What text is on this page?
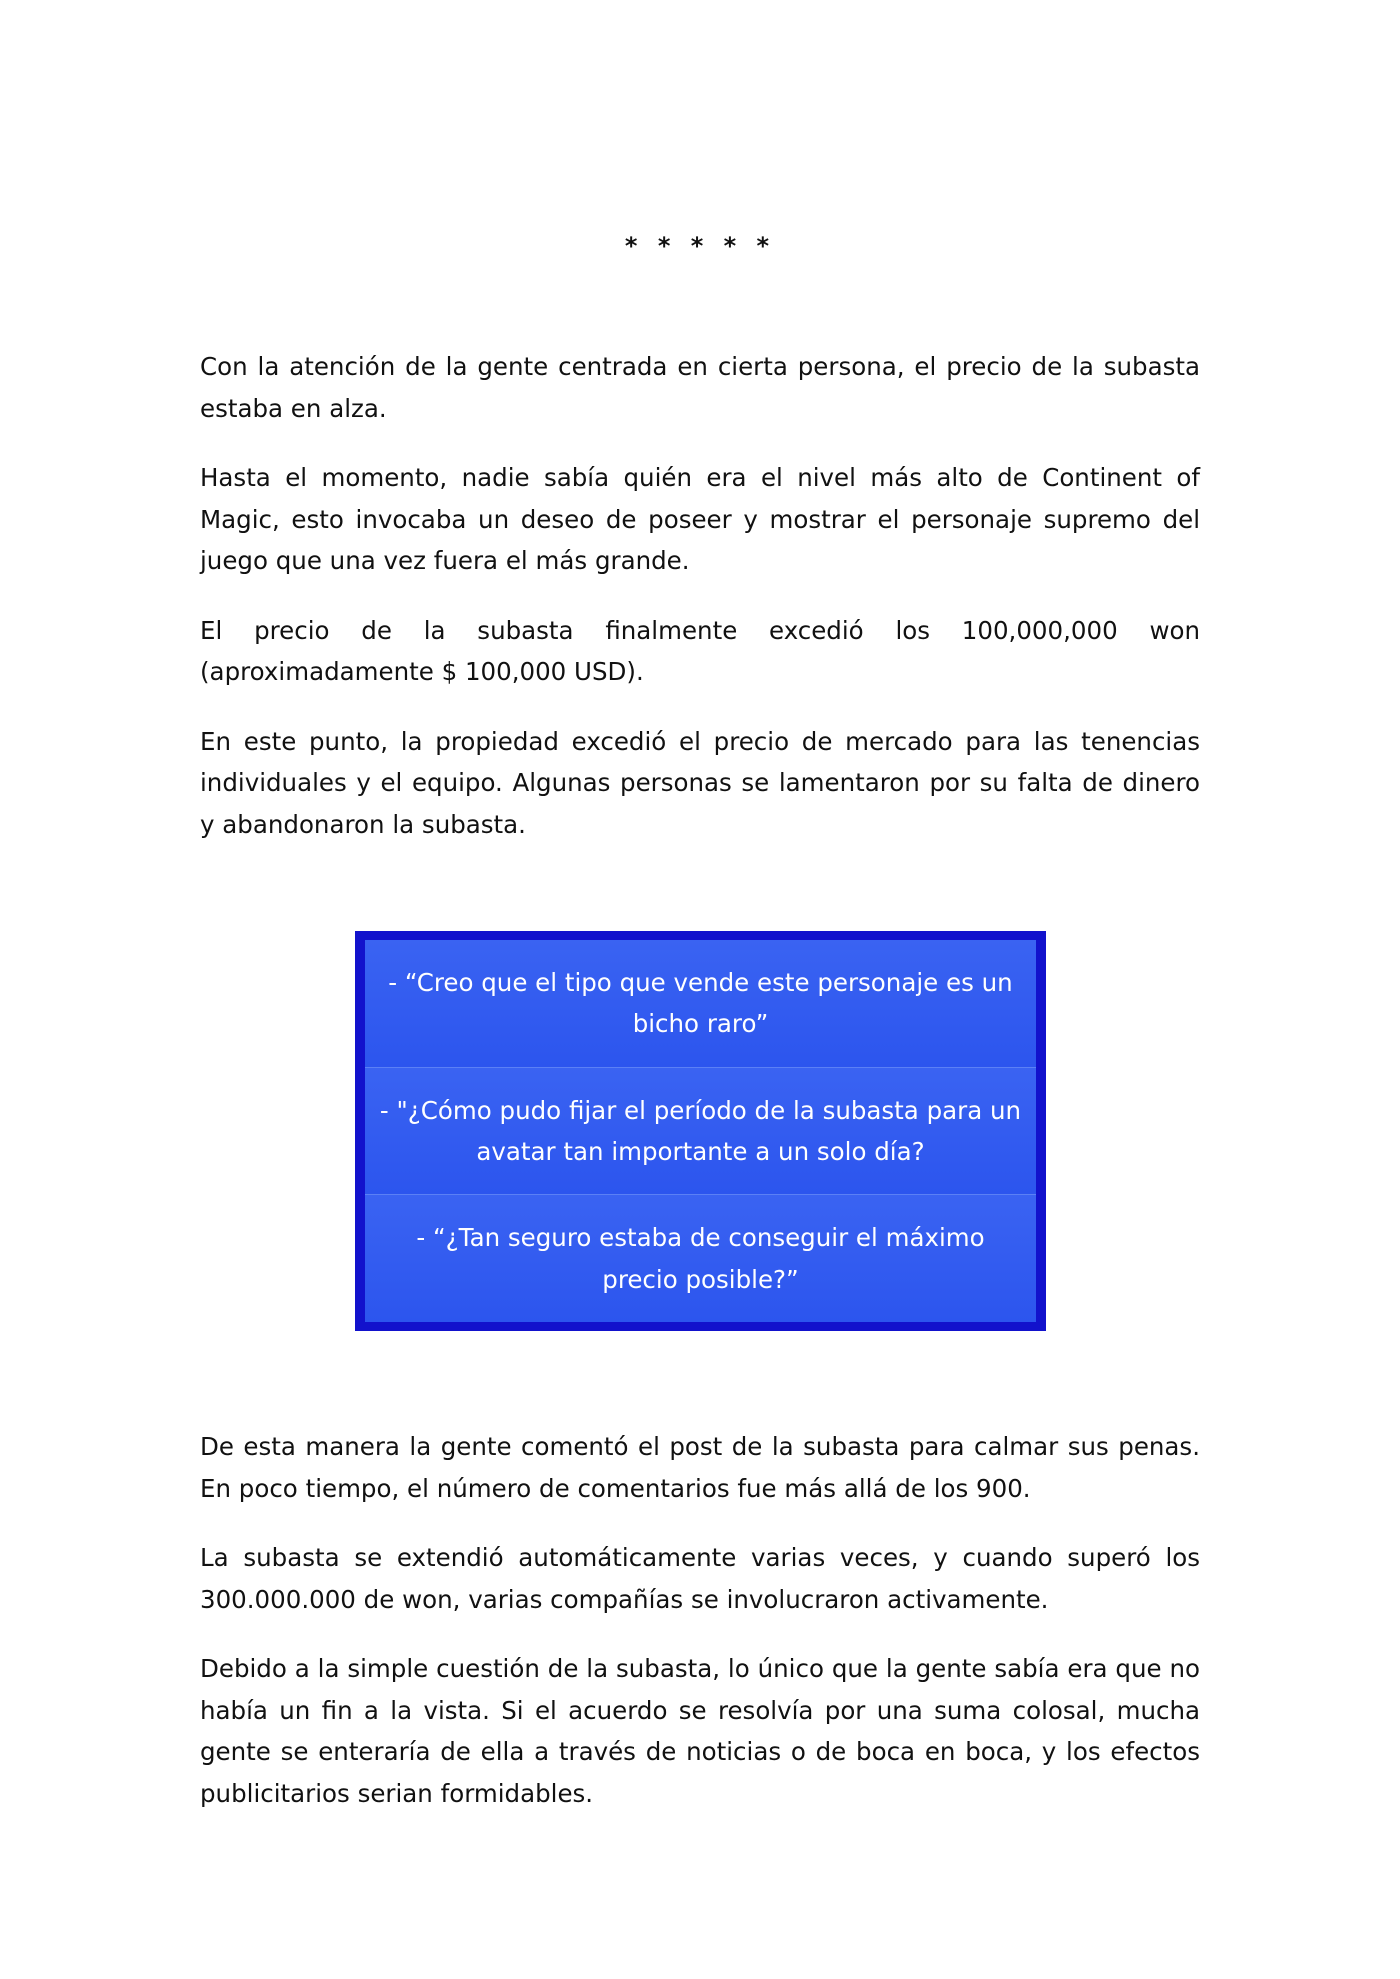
* * * * *

Con la atención de la gente centrada en cierta persona, el precio de la subasta estaba en alza.

Hasta el momento, nadie sabía quién era el nivel más alto de Continent of Magic, esto invocaba un deseo de poseer y mostrar el personaje supremo del juego que una vez fuera el más grande.

El precio de la subasta finalmente excedió los 100,000,000 won (aproximadamente $ 100,000 USD).

En este punto, la propiedad excedió el precio de mercado para las tenencias individuales y el equipo. Algunas personas se lamentaron por su falta de dinero y abandonaron la subasta.

- “Creo que el tipo que vende este personaje es un bicho raro”
- "¿Cómo pudo fijar el período de la subasta para un avatar tan importante a un solo día?
- “¿Tan seguro estaba de conseguir el máximo precio posible?”

De esta manera la gente comentó el post de la subasta para calmar sus penas. En poco tiempo, el número de comentarios fue más allá de los 900.

La subasta se extendió automáticamente varias veces, y cuando superó los 300.000.000 de won, varias compañías se involucraron activamente.

Debido a la simple cuestión de la subasta, lo único que la gente sabía era que no había un fin a la vista. Si el acuerdo se resolvía por una suma colosal, mucha gente se enteraría de ella a través de noticias o de boca en boca, y los efectos publicitarios serian formidables.
